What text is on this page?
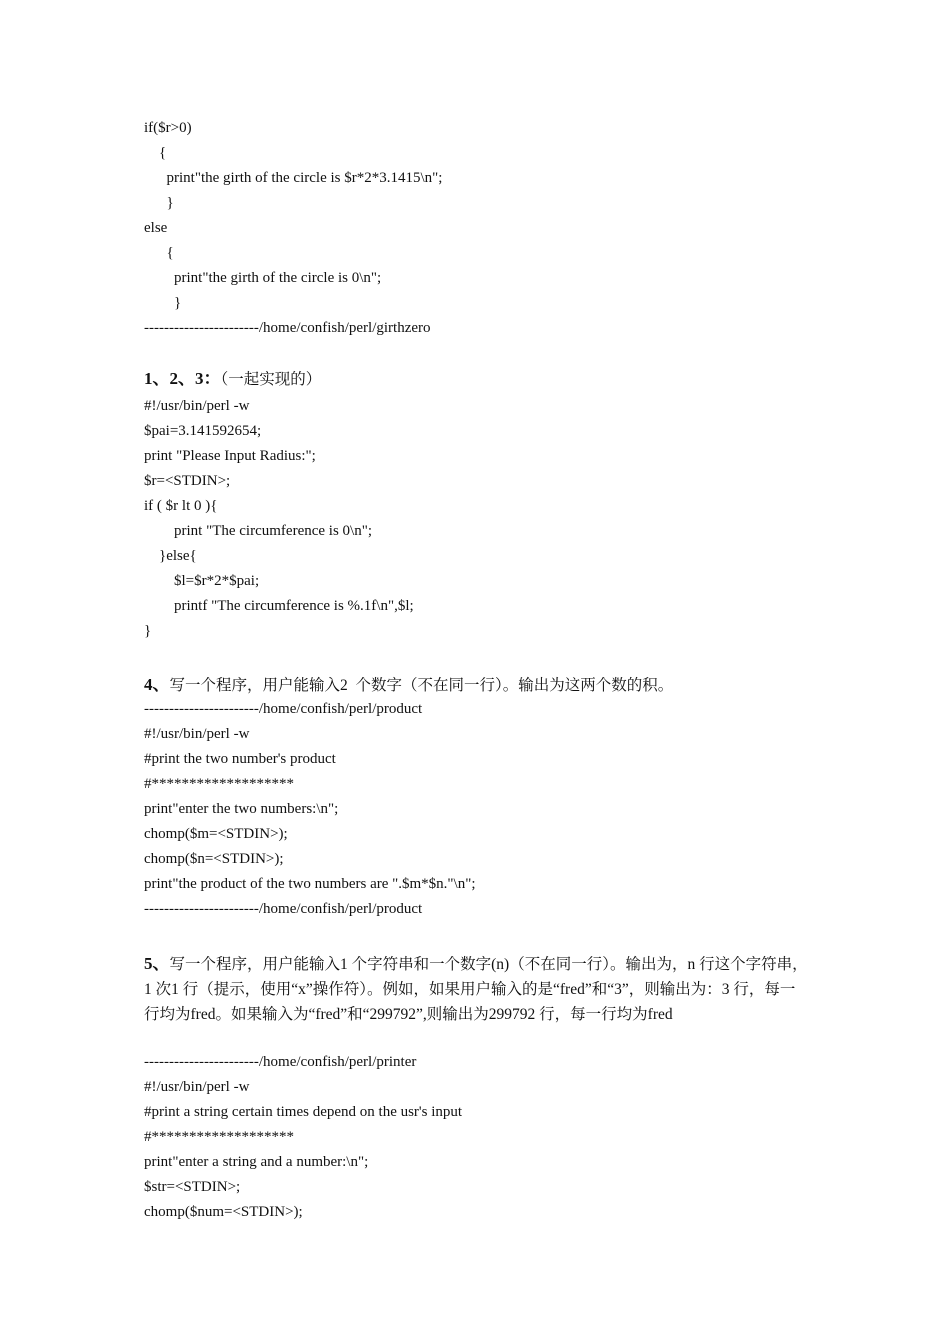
if($r>0)
{
print"the girth of the circle is $r*2*3.1415\n";
}
else
{
print"the girth of the circle is 0\n";
}
-----------------------/home/confish/perl/girthzero
1、2、3：（一起实现的）
#!/usr/bin/perl -w
$pai=3.141592654;
print "Please Input Radius:";
$r=<STDIN>;
if ( $r lt 0 ){
print "The circumference is 0\n";
}else{
$l=$r*2*$pai;
printf "The circumference is %.1f\n",$l;
}
4、写一个程序，用户能输入2  个数字（不在同一行）。输出为这两个数的积。
-----------------------/home/confish/perl/product
#!/usr/bin/perl -w
#print the two number's product
#*******************
print"enter the two numbers:\n";
chomp($m=<STDIN>);
chomp($n=<STDIN>);
print"the product of the two numbers are ".$m*$n."\n";
-----------------------/home/confish/perl/product
5、写一个程序，用户能输入1 个字符串和一个数字(n)（不在同一行）。输出为，n 行这个字符串，1 次1 行（提示，使用“x”操作符）。例如，如果用户输入的是“fred”和“3”，则输出为：3 行，每一行均为fred。如果输入为“fred”和“299792”,则输出为299792 行，每一行均为fred
-----------------------/home/confish/perl/printer
#!/usr/bin/perl -w
#print a string certain times depend on the usr's input
#*******************
print"enter a string and a number:\n";
$str=<STDIN>;
chomp($num=<STDIN>);
